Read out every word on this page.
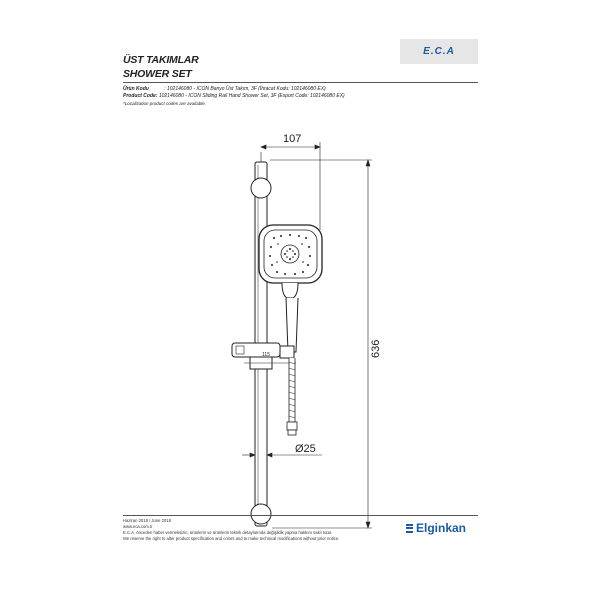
ÜST TAKIMLAR
SHOWER SET
E.C.A
Ürün Kodu	: 102146080 - ICON Banyo Üst Takım, 3F (İhracat Kodu: 102146080 EX)
Product Code: 102146080 - ICON Sliding Rail Hand Shower Set, 3F (Export Code: 102146080 EX)
*Localization product codes are available.
107
636
115
Ø25
Haziran 2018 / June 2018
www.eca.com.tr
E.C.A. önceden haber vermeksizin, ürünlerin ve ürünlerin teknik detaylarında değişiklik yapma hakkını saklı tutar.
We reserve the right to alter product specification and colors and to make technical modifications without prior notice.
Elginkan
